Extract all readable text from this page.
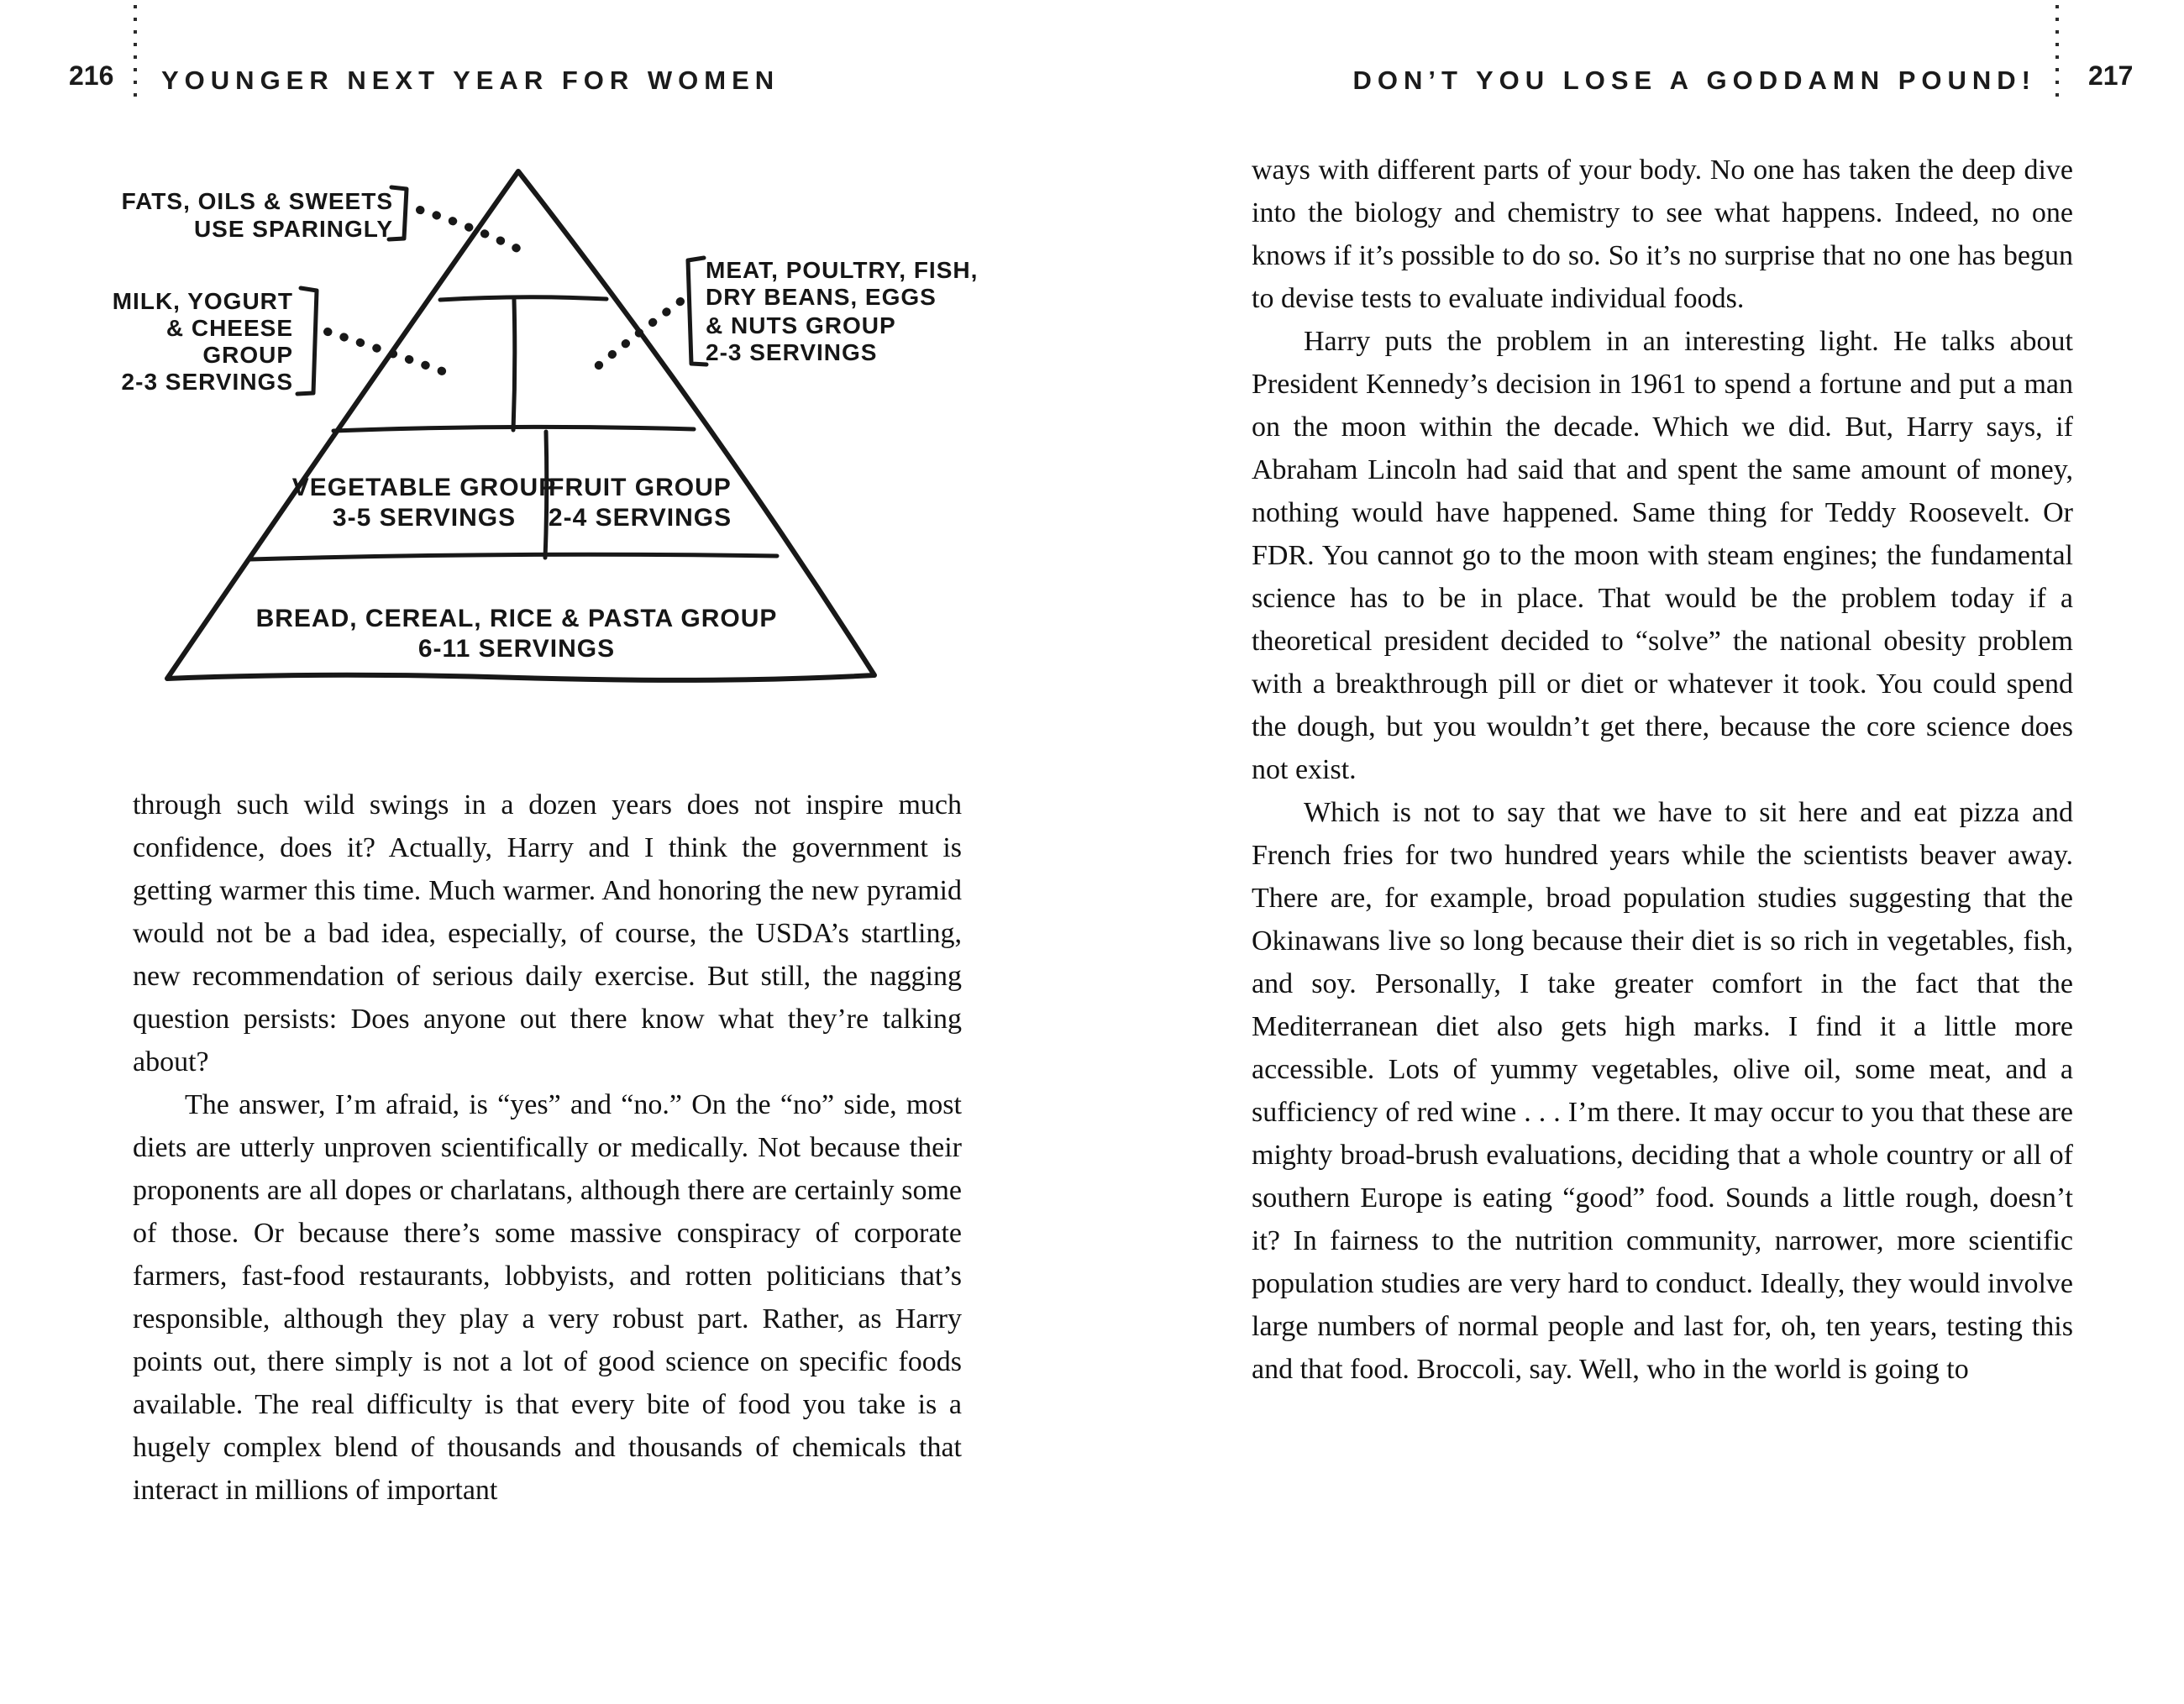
216 YOUNGER NEXT YEAR FOR WOMEN	DON’T YOU LOSE A GODDAMN POUND! 217
FATS, OILS & SWEETS
USE SPARINGLY
MILK, YOGURT
& CHEESE
GROUP
2-3 SERVINGS
MEAT, POULTRY, FISH,
DRY BEANS, EGGS
& NUTS GROUP
2-3 SERVINGS
VEGETABLE GROUP
3-5 SERVINGS
FRUIT GROUP
2-4 SERVINGS
BREAD, CEREAL, RICE & PASTA GROUP
6-11 SERVINGS

through such wild swings in a dozen years does not inspire much confidence, does it? Actually, Harry and I think the government is getting warmer this time. Much warmer. And honoring the new pyramid would not be a bad idea, especially, of course, the USDA’s startling, new recommendation of serious daily exercise. But still, the nagging question persists: Does anyone out there know what they’re talking about?

The answer, I’m afraid, is “yes” and “no.” On the “no” side, most diets are utterly unproven scientifically or medically. Not because their proponents are all dopes or charlatans, although there are certainly some of those. Or because there’s some massive conspiracy of corporate farmers, fast-food restaurants, lobbyists, and rotten politicians that’s responsible, although they play a very robust part. Rather, as Harry points out, there simply is not a lot of good science on specific foods available. The real difficulty is that every bite of food you take is a hugely complex blend of thousands and thousands of chemicals that interact in millions of important

ways with different parts of your body. No one has taken the deep dive into the biology and chemistry to see what happens. Indeed, no one knows if it’s possible to do so. So it’s no surprise that no one has begun to devise tests to evaluate individual foods.

Harry puts the problem in an interesting light. He talks about President Kennedy’s decision in 1961 to spend a fortune and put a man on the moon within the decade. Which we did. But, Harry says, if Abraham Lincoln had said that and spent the same amount of money, nothing would have happened. Same thing for Teddy Roosevelt. Or FDR. You cannot go to the moon with steam engines; the fundamental science has to be in place. That would be the problem today if a theoretical president decided to “solve” the national obesity problem with a breakthrough pill or diet or whatever it took. You could spend the dough, but you wouldn’t get there, because the core science does not exist.

Which is not to say that we have to sit here and eat pizza and French fries for two hundred years while the scientists beaver away. There are, for example, broad population studies suggesting that the Okinawans live so long because their diet is so rich in vegetables, fish, and soy. Personally, I take greater comfort in the fact that the Mediterranean diet also gets high marks. I find it a little more accessible. Lots of yummy vegetables, olive oil, some meat, and a sufficiency of red wine . . . I’m there. It may occur to you that these are mighty broad-brush evaluations, deciding that a whole country or all of southern Europe is eating “good” food. Sounds a little rough, doesn’t it? In fairness to the nutrition community, narrower, more scientific population studies are very hard to conduct. Ideally, they would involve large numbers of normal people and last for, oh, ten years, testing this and that food. Broccoli, say. Well, who in the world is going to
